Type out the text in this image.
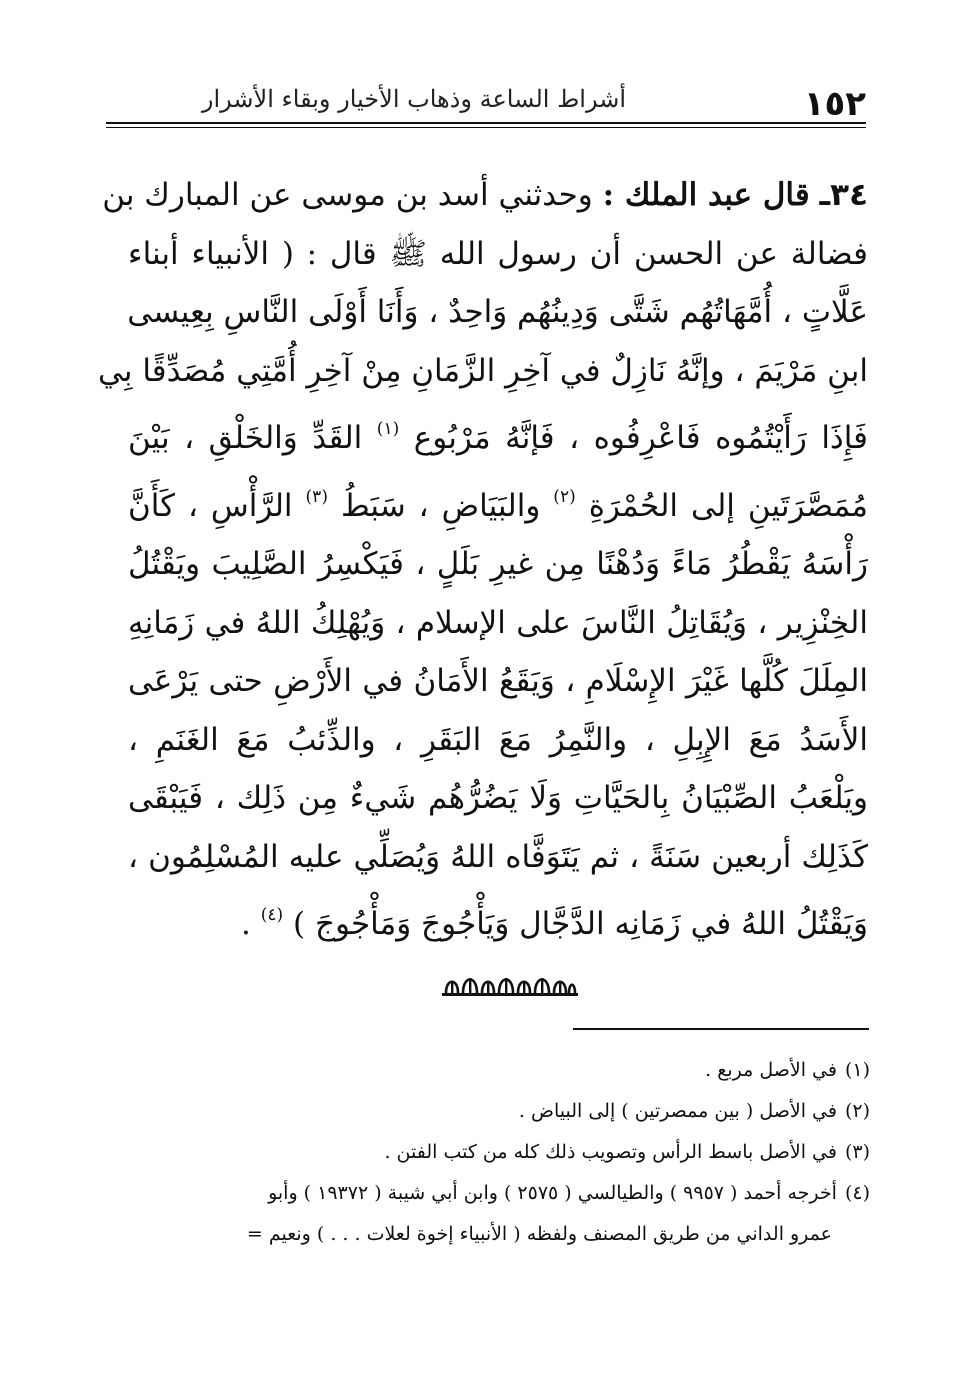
١٥٢
أشراط الساعة وذهاب الأخيار وبقاء الأشرار
٣٤ـ قال عبد الملك : وحدثني أسد بن موسى عن المبارك بن
فضالة عن الحسن أن رسول الله ﷺ قال : ( الأنبياء أبناء
عَلَّاتٍ ، أُمَّهَاتُهُم شَتَّى وَدِينُهُم وَاحِدٌ ، وَأَنَا أَوْلَى النَّاسِ بِعِيسى
ابنِ مَرْيَمَ ، وإنَّهُ نَازِلٌ في آخِرِ الزَّمَانِ مِنْ آخِرِ أُمَّتِي مُصَدِّقًا بِي
فَإِذَا رَأَيْتُمُوه فَاعْرِفُوه ، فَإنَّهُ مَرْبُوع $^{(١)}$ القَدِّ وَالخَلْقِ ، بَيْنَ
مُمَصَّرَتَينِ إلى الحُمْرَةِ $^{(٢)}$ والبَيَاضِ ، سَبَطُ $^{(٣)}$ الرَّأْسِ ، كَأَنَّ
رَأْسَهُ يَقْطُرُ مَاءً وَدُهْنًا مِن غيرِ بَلَلٍ ، فَيَكْسِرُ الصَّلِيبَ ويَقْتُلُ
الخِنْزِير ، وَيُقَاتِلُ النَّاسَ على الإسلام ، وَيُهْلِكُ اللهُ في زَمَانِهِ
المِلَلَ كُلَّها غَيْرَ الإِسْلَامِ ، وَيَقَعُ الأَمَانُ في الأَرْضِ حتى يَرْعَى
الأَسَدُ مَعَ الإِبِلِ ، والنَّمِرُ مَعَ البَقَرِ ، والذِّئبُ مَعَ الغَنَمِ ،
ويَلْعَبُ الصِّبْيَانُ بِالحَيَّاتِ وَلَا يَضُرُّهُم شَيءٌ مِن ذَلِك ، فَيَبْقَى
كَذَلِك أربعين سَنَةً ، ثم يَتَوَفَّاه اللهُ وَيُصَلِّي عليه المُسْلِمُون ،
وَيَقْتُلُ اللهُ في زَمَانِه الدَّجَّال وَيَأْجُوجَ وَمَأْجُوجَ ) $^{(٤)}$ .
(١)في الأصل مربع .
(٢)في الأصل ( بين ممصرتين ) إلى البياض .
(٣)في الأصل باسط الرأس وتصويب ذلك كله من كتب الفتن .
(٤)أخرجه أحمد ( ٩٩٥٧ ) والطيالسي ( ٢٥٧٥ ) وابن أبي شيبة ( ١٩٣٧٢ ) وأبو
عمرو الداني من طريق المصنف ولفظه ( الأنبياء إخوة لعلات . . . ) ونعيم =
